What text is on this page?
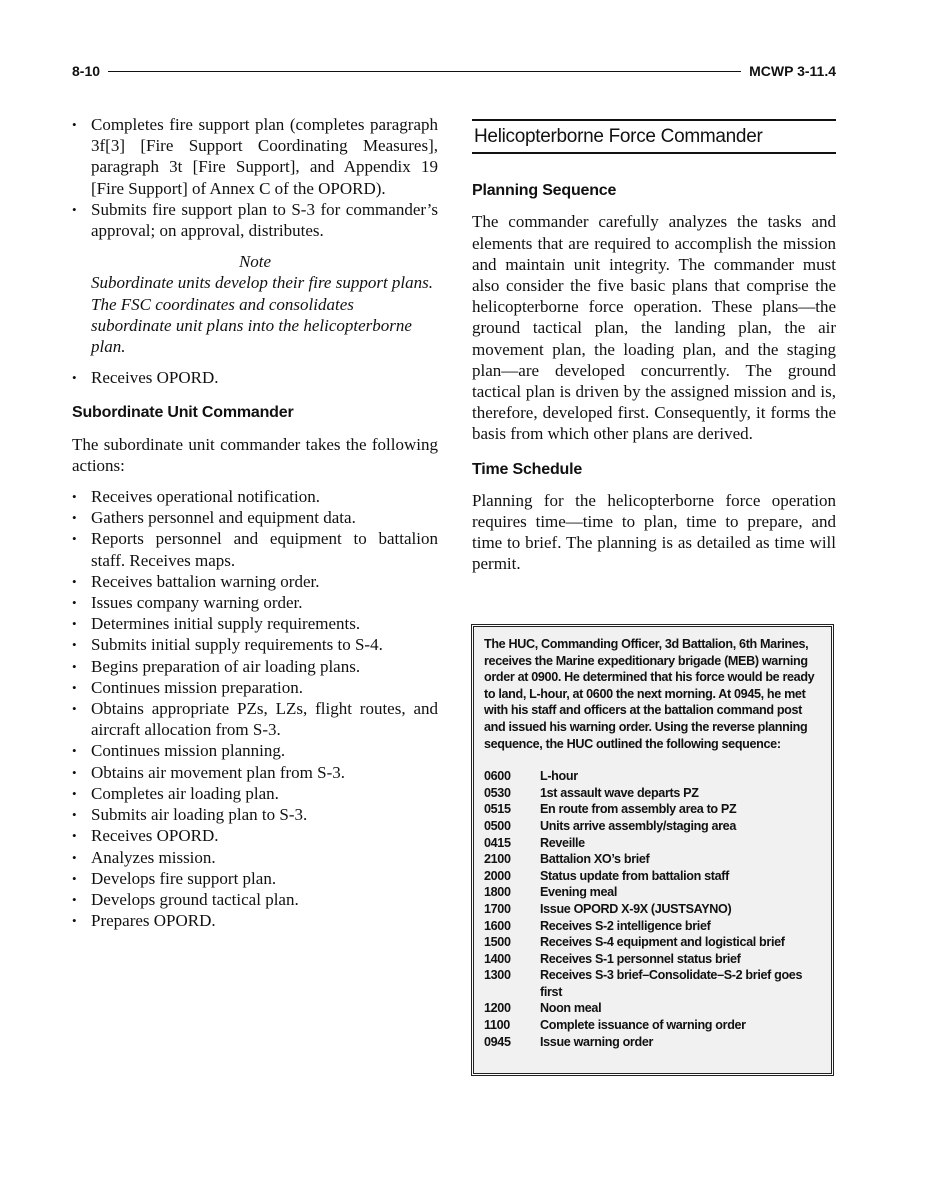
8-10	MCWP 3-11.4
• Completes fire support plan (completes paragraph 3f[3] [Fire Support Coordinating Measures], paragraph 3t [Fire Support], and Appendix 19 [Fire Support] of Annex C of the OPORD).
• Submits fire support plan to S-3 for commander’s approval; on approval, distributes.
Note
Subordinate units develop their fire support plans. The FSC coordinates and consolidates subordinate unit plans into the helicopterborne plan.
• Receives OPORD.
Subordinate Unit Commander

The subordinate unit commander takes the following actions:

• Receives operational notification.
• Gathers personnel and equipment data.
• Reports personnel and equipment to battalion staff. Receives maps.
• Receives battalion warning order.
• Issues company warning order.
• Determines initial supply requirements.
• Submits initial supply requirements to S-4.
• Begins preparation of air loading plans.
• Continues mission preparation.
• Obtains appropriate PZs, LZs, flight routes, and aircraft allocation from S-3.
• Continues mission planning.
• Obtains air movement plan from S-3.
• Completes air loading plan.
• Submits air loading plan to S-3.
• Receives OPORD.
• Analyzes mission.
• Develops fire support plan.
• Develops ground tactical plan.
• Prepares OPORD.
Helicopterborne Force Commander
Planning Sequence

The commander carefully analyzes the tasks and elements that are required to accomplish the mission and maintain unit integrity. The commander must also consider the five basic plans that comprise the helicopterborne force operation. These plans—the ground tactical plan, the landing plan, the air movement plan, the loading plan, and the staging plan—are developed concurrently. The ground tactical plan is driven by the assigned mission and is, therefore, developed first. Consequently, it forms the basis from which other plans are derived.

Time Schedule

Planning for the helicopterborne force operation requires time—time to plan, time to prepare, and time to brief. The planning is as detailed as time will permit.

The HUC, Commanding Officer, 3d Battalion, 6th Marines, receives the Marine expeditionary brigade (MEB) warning order at 0900. He determined that his force would be ready to land, L-hour, at 0600 the next morning. At 0945, he met with his staff and officers at the battalion command post and issued his warning order. Using the reverse planning sequence, the HUC outlined the following sequence:

0600	L-hour
0530	1st assault wave departs PZ
0515	En route from assembly area to PZ
0500	Units arrive assembly/staging area
0415	Reveille
2100	Battalion XO’s brief
2000	Status update from battalion staff
1800	Evening meal
1700	Issue OPORD X-9X (JUSTSAYNO)
1600	Receives S-2 intelligence brief
1500	Receives S-4 equipment and logistical brief
1400	Receives S-1 personnel status brief
1300	Receives S-3 brief–Consolidate–S-2 brief goes first
1200	Noon meal
1100	Complete issuance of warning order
0945	Issue warning order
